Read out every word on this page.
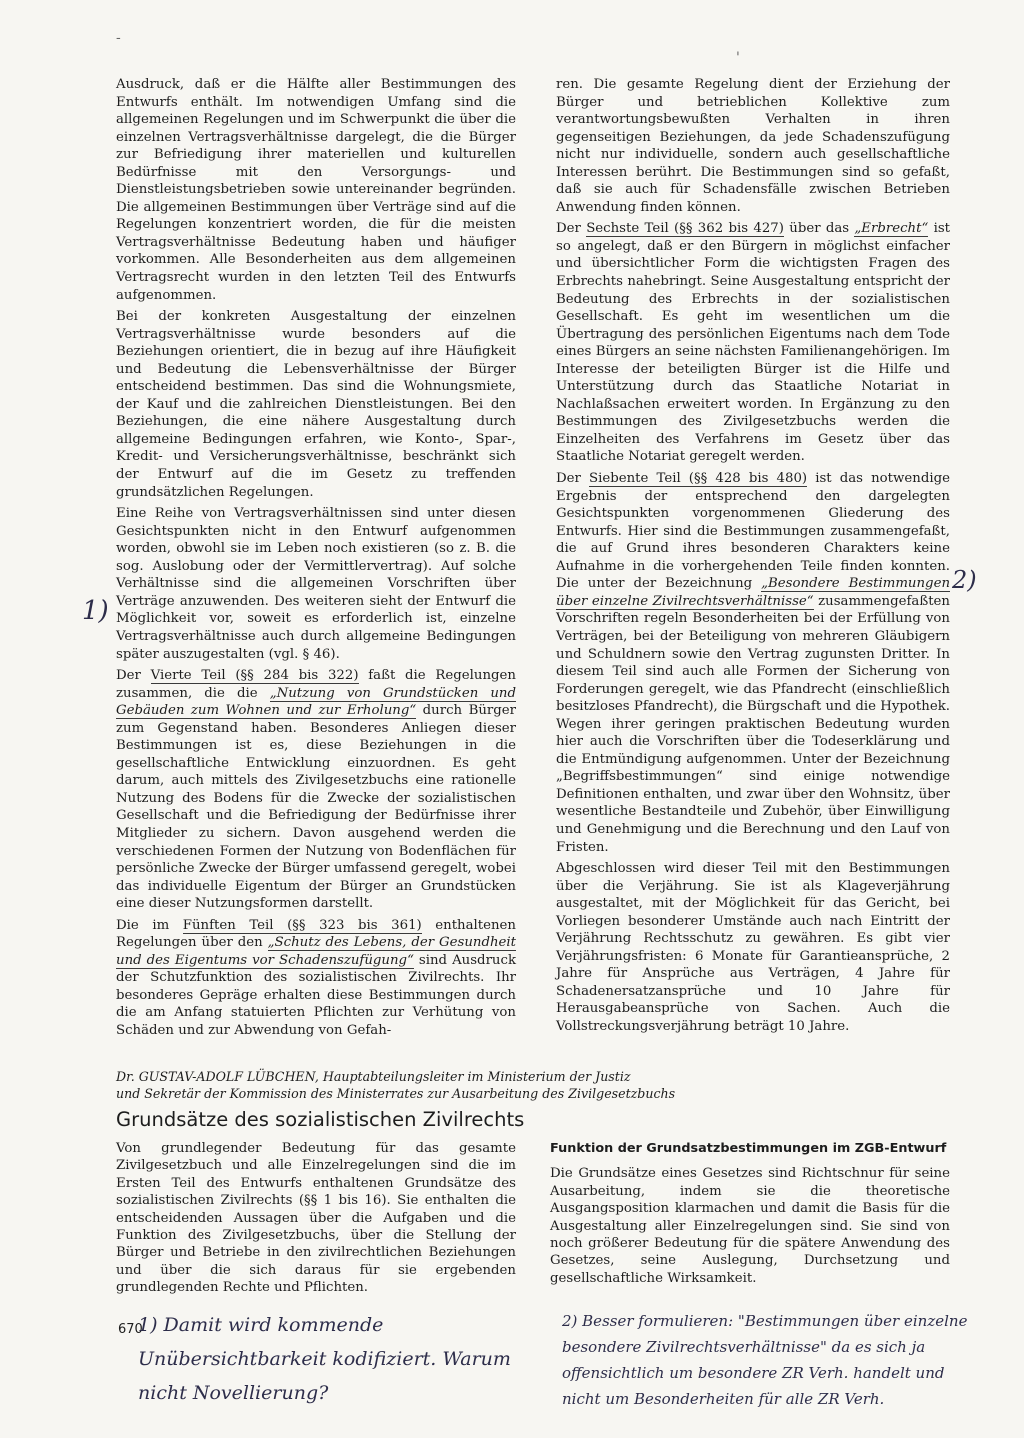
‐
'

Ausdruck, daß er die Hälfte aller Bestimmungen des Entwurfs enthält. Im notwendigen Umfang sind die allgemeinen Regelungen und im Schwerpunkt die über die einzelnen Vertragsverhältnisse dargelegt, die die Bürger zur Befriedigung ihrer materiellen und kulturellen Bedürfnisse mit den Versorgungs- und Dienstleistungsbetrieben sowie untereinander begründen. Die allgemeinen Bestimmungen über Verträge sind auf die Regelungen konzentriert worden, die für die meisten Vertragsverhältnisse Bedeutung haben und häufiger vorkommen. Alle Besonderheiten aus dem allgemeinen Vertragsrecht wurden in den letzten Teil des Entwurfs aufgenommen.

Bei der konkreten Ausgestaltung der einzelnen Vertragsverhältnisse wurde besonders auf die Beziehungen orientiert, die in bezug auf ihre Häufigkeit und Bedeutung die Lebensverhältnisse der Bürger entscheidend bestimmen. Das sind die Wohnungsmiete, der Kauf und die zahlreichen Dienstleistungen. Bei den Beziehungen, die eine nähere Ausgestaltung durch allgemeine Bedingungen erfahren, wie Konto-, Spar-, Kredit- und Versicherungsverhältnisse, beschränkt sich der Entwurf auf die im Gesetz zu treffenden grundsätzlichen Regelungen.

Eine Reihe von Vertragsverhältnissen sind unter diesen Gesichtspunkten nicht in den Entwurf aufgenommen worden, obwohl sie im Leben noch existieren (so z. B. die sog. Auslobung oder der Vermittlervertrag). Auf solche Verhältnisse sind die allgemeinen Vorschriften über Verträge anzuwenden. Des weiteren sieht der Entwurf die Möglichkeit vor, soweit es erforderlich ist, einzelne Vertragsverhältnisse auch durch allgemeine Bedingungen später auszugestalten (vgl. § 46).

Der Vierte Teil (§§ 284 bis 322) faßt die Regelungen zusammen, die die „Nutzung von Grundstücken und Gebäuden zum Wohnen und zur Erholung“ durch Bürger zum Gegenstand haben. Besonderes Anliegen dieser Bestimmungen ist es, diese Beziehungen in die gesellschaftliche Entwicklung einzuordnen. Es geht darum, auch mittels des Zivilgesetzbuchs eine rationelle Nutzung des Bodens für die Zwecke der sozialistischen Gesellschaft und die Befriedigung der Bedürfnisse ihrer Mitglieder zu sichern. Davon ausgehend werden die verschiedenen Formen der Nutzung von Bodenflächen für persönliche Zwecke der Bürger umfassend geregelt, wobei das individuelle Eigentum der Bürger an Grundstücken eine dieser Nutzungsformen darstellt.

Die im Fünften Teil (§§ 323 bis 361) enthaltenen Regelungen über den „Schutz des Lebens, der Gesundheit und des Eigentums vor Schadenszufügung“ sind Ausdruck der Schutzfunktion des sozialistischen Zivilrechts. Ihr besonderes Gepräge erhalten diese Bestimmungen durch die am Anfang statuierten Pflichten zur Verhütung von Schäden und zur Abwendung von Gefah-

ren. Die gesamte Regelung dient der Erziehung der Bürger und betrieblichen Kollektive zum verantwortungsbewußten Verhalten in ihren gegenseitigen Beziehungen, da jede Schadenszufügung nicht nur individuelle, sondern auch gesellschaftliche Interessen berührt. Die Bestimmungen sind so gefaßt, daß sie auch für Schadensfälle zwischen Betrieben Anwendung finden können.

Der Sechste Teil (§§ 362 bis 427) über das „Erbrecht“ ist so angelegt, daß er den Bürgern in möglichst einfacher und übersichtlicher Form die wichtigsten Fragen des Erbrechts nahebringt. Seine Ausgestaltung entspricht der Bedeutung des Erbrechts in der sozialistischen Gesellschaft. Es geht im wesentlichen um die Übertragung des persönlichen Eigentums nach dem Tode eines Bürgers an seine nächsten Familienangehörigen. Im Interesse der beteiligten Bürger ist die Hilfe und Unterstützung durch das Staatliche Notariat in Nachlaßsachen erweitert worden. In Ergänzung zu den Bestimmungen des Zivilgesetzbuchs werden die Einzelheiten des Verfahrens im Gesetz über das Staatliche Notariat geregelt werden.

Der Siebente Teil (§§ 428 bis 480) ist das notwendige Ergebnis der entsprechend den dargelegten Gesichtspunkten vorgenommenen Gliederung des Entwurfs. Hier sind die Bestimmungen zusammengefaßt, die auf Grund ihres besonderen Charakters keine Aufnahme in die vorhergehenden Teile finden konnten. Die unter der Bezeichnung „Besondere Bestimmungen über einzelne Zivilrechtsverhältnisse“ zusammengefaßten Vorschriften regeln Besonderheiten bei der Erfüllung von Verträgen, bei der Beteiligung von mehreren Gläubigern und Schuldnern sowie den Vertrag zugunsten Dritter. In diesem Teil sind auch alle Formen der Sicherung von Forderungen geregelt, wie das Pfandrecht (einschließlich besitzloses Pfandrecht), die Bürgschaft und die Hypothek. Wegen ihrer geringen praktischen Bedeutung wurden hier auch die Vorschriften über die Todeserklärung und die Entmündigung aufgenommen. Unter der Bezeichnung „Begriffsbestimmungen“ sind einige notwendige Definitionen enthalten, und zwar über den Wohnsitz, über wesentliche Bestandteile und Zubehör, über Einwilligung und Genehmigung und die Berechnung und den Lauf von Fristen.

Abgeschlossen wird dieser Teil mit den Bestimmungen über die Verjährung. Sie ist als Klageverjährung ausgestaltet, mit der Möglichkeit für das Gericht, bei Vorliegen besonderer Umstände auch nach Eintritt der Verjährung Rechtsschutz zu gewähren. Es gibt vier Verjährungsfristen: 6 Monate für Garantieansprüche, 2 Jahre für Ansprüche aus Verträgen, 4 Jahre für Schadenersatzansprüche und 10 Jahre für Herausgabeansprüche von Sachen. Auch die Vollstreckungsverjährung beträgt 10 Jahre.

Dr. GUSTAV-ADOLF LÜBCHEN, Hauptabteilungsleiter im Ministerium der Justiz
und Sekretär der Kommission des Ministerrates zur Ausarbeitung des Zivilgesetzbuchs
Grundsätze des sozialistischen Zivilrechts
Von grundlegender Bedeutung für das gesamte Zivilgesetzbuch und alle Einzelregelungen sind die im Ersten Teil des Entwurfs enthaltenen Grundsätze des sozialistischen Zivilrechts (§§ 1 bis 16). Sie enthalten die entscheidenden Aussagen über die Aufgaben und die Funktion des Zivilgesetzbuchs, über die Stellung der Bürger und Betriebe in den zivilrechtlichen Beziehungen und über die sich daraus für sie ergebenden grundlegenden Rechte und Pflichten.
Funktion der Grundsatzbestimmungen im ZGB-Entwurf
Die Grundsätze eines Gesetzes sind Richtschnur für seine Ausarbeitung, indem sie die theoretische Ausgangsposition klarmachen und damit die Basis für die Ausgestaltung aller Einzelregelungen sind. Sie sind von noch größerer Bedeutung für die spätere Anwendung des Gesetzes, seine Auslegung, Durchsetzung und gesellschaftliche Wirksamkeit.
670
1)
2)
1) Damit wird kommende Unübersichtbarkeit kodifiziert. Warum nicht Novellierung?
2) Besser formulieren: "Bestimmungen über einzelne besondere Zivilrechtsverhältnisse" da es sich ja offensichtlich um besondere ZR Verh. handelt und nicht um Besonderheiten für alle ZR Verh.
